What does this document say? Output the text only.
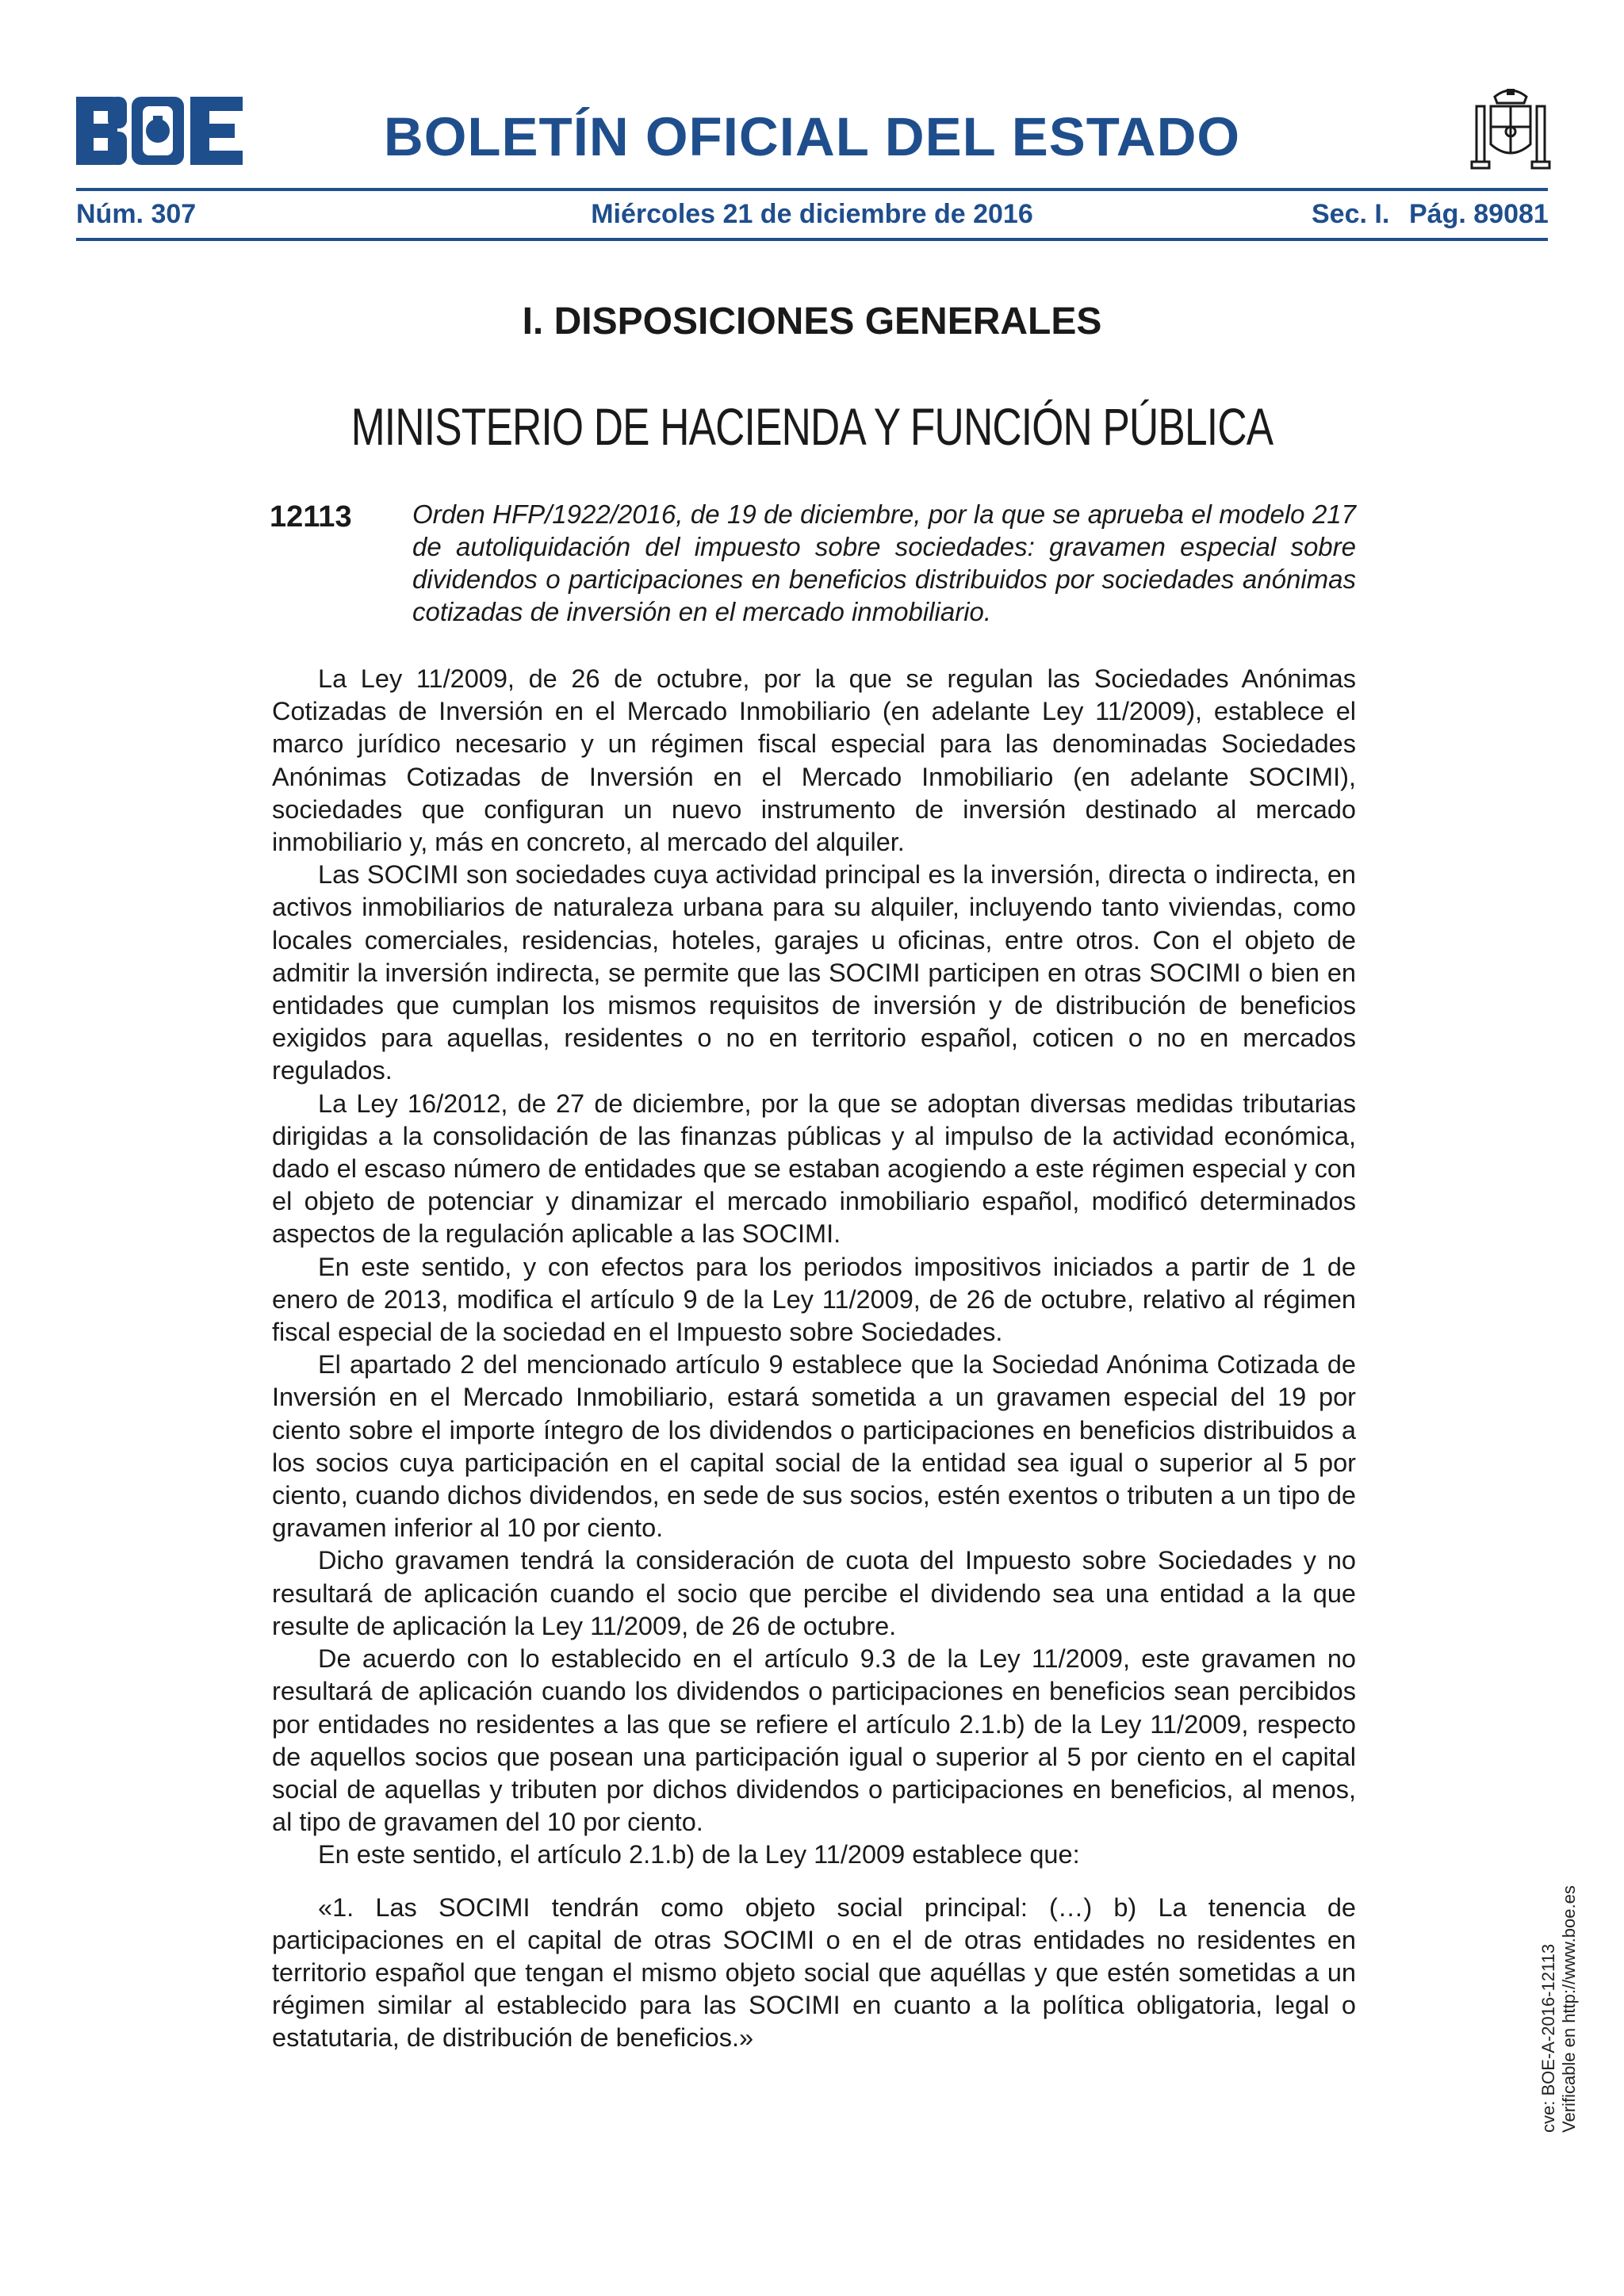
BOLETÍN OFICIAL DEL ESTADO
Núm. 307	Miércoles 21 de diciembre de 2016	Sec. I. Pág. 89081
I. DISPOSICIONES GENERALES
MINISTERIO DE HACIENDA Y FUNCIÓN PÚBLICA
12113 Orden HFP/1922/2016, de 19 de diciembre, por la que se aprueba el modelo 217 de autoliquidación del impuesto sobre sociedades: gravamen especial sobre dividendos o participaciones en beneficios distribuidos por sociedades anónimas cotizadas de inversión en el mercado inmobiliario.

La Ley 11/2009, de 26 de octubre, por la que se regulan las Sociedades Anónimas Cotizadas de Inversión en el Mercado Inmobiliario (en adelante Ley 11/2009), establece el marco jurídico necesario y un régimen fiscal especial para las denominadas Sociedades Anónimas Cotizadas de Inversión en el Mercado Inmobiliario (en adelante SOCIMI), sociedades que configuran un nuevo instrumento de inversión destinado al mercado inmobiliario y, más en concreto, al mercado del alquiler.

Las SOCIMI son sociedades cuya actividad principal es la inversión, directa o indirecta, en activos inmobiliarios de naturaleza urbana para su alquiler, incluyendo tanto viviendas, como locales comerciales, residencias, hoteles, garajes u oficinas, entre otros. Con el objeto de admitir la inversión indirecta, se permite que las SOCIMI participen en otras SOCIMI o bien en entidades que cumplan los mismos requisitos de inversión y de distribución de beneficios exigidos para aquellas, residentes o no en territorio español, coticen o no en mercados regulados.

La Ley 16/2012, de 27 de diciembre, por la que se adoptan diversas medidas tributarias dirigidas a la consolidación de las finanzas públicas y al impulso de la actividad económica, dado el escaso número de entidades que se estaban acogiendo a este régimen especial y con el objeto de potenciar y dinamizar el mercado inmobiliario español, modificó determinados aspectos de la regulación aplicable a las SOCIMI.

En este sentido, y con efectos para los periodos impositivos iniciados a partir de 1 de enero de 2013, modifica el artículo 9 de la Ley 11/2009, de 26 de octubre, relativo al régimen fiscal especial de la sociedad en el Impuesto sobre Sociedades.

El apartado 2 del mencionado artículo 9 establece que la Sociedad Anónima Cotizada de Inversión en el Mercado Inmobiliario, estará sometida a un gravamen especial del 19 por ciento sobre el importe íntegro de los dividendos o participaciones en beneficios distribuidos a los socios cuya participación en el capital social de la entidad sea igual o superior al 5 por ciento, cuando dichos dividendos, en sede de sus socios, estén exentos o tributen a un tipo de gravamen inferior al 10 por ciento.

Dicho gravamen tendrá la consideración de cuota del Impuesto sobre Sociedades y no resultará de aplicación cuando el socio que percibe el dividendo sea una entidad a la que resulte de aplicación la Ley 11/2009, de 26 de octubre.

De acuerdo con lo establecido en el artículo 9.3 de la Ley 11/2009, este gravamen no resultará de aplicación cuando los dividendos o participaciones en beneficios sean percibidos por entidades no residentes a las que se refiere el artículo 2.1.b) de la Ley 11/2009, respecto de aquellos socios que posean una participación igual o superior al 5 por ciento en el capital social de aquellas y tributen por dichos dividendos o participaciones en beneficios, al menos, al tipo de gravamen del 10 por ciento.

En este sentido, el artículo 2.1.b) de la Ley 11/2009 establece que:

«1. Las SOCIMI tendrán como objeto social principal: (…) b) La tenencia de participaciones en el capital de otras SOCIMI o en el de otras entidades no residentes en territorio español que tengan el mismo objeto social que aquéllas y que estén sometidas a un régimen similar al establecido para las SOCIMI en cuanto a la política obligatoria, legal o estatutaria, de distribución de beneficios.»	cve: BOE-A-2016-12113 Verificable en http://www.boe.es
